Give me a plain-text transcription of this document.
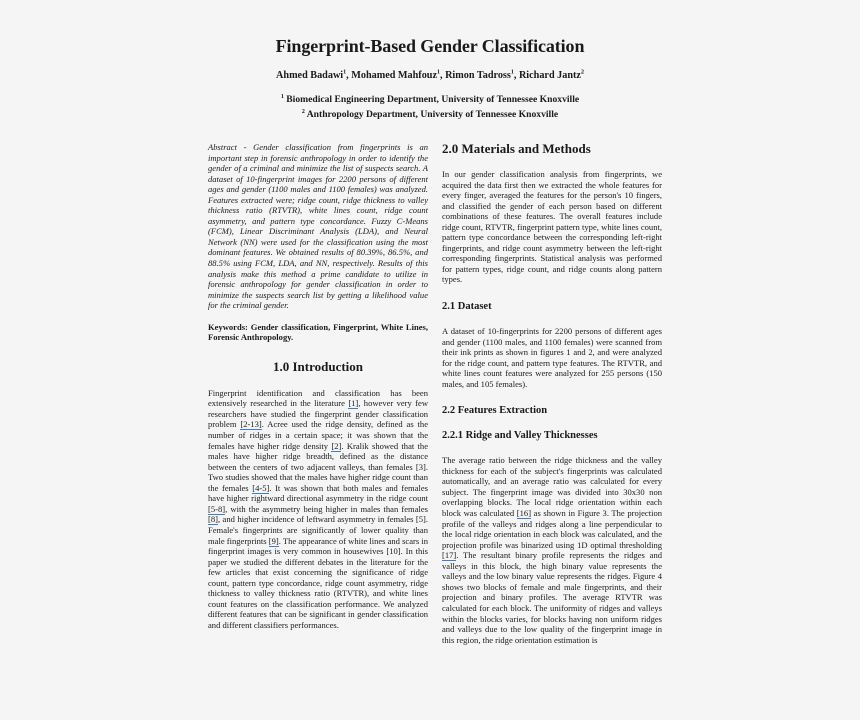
Fingerprint-Based Gender Classification
Ahmed Badawi$^1$, Mohamed Mahfouz$^1$, Rimon Tadross$^1$, Richard Jantz$^2$
$^1$ Biomedical Engineering Department, University of Tennessee Knoxville
$^2$ Anthropology Department, University of Tennessee Knoxville

Abstract - Gender classification from fingerprints is an important step in forensic anthropology in order to identify the gender of a criminal and minimize the list of suspects search. A dataset of 10-fingerprint images for 2200 persons of different ages and gender (1100 males and 1100 females) was analyzed. Features extracted were; ridge count, ridge thickness to valley thickness ratio (RTVTR), white lines count, ridge count asymmetry, and pattern type concordance. Fuzzy C-Means (FCM), Linear Discriminant Analysis (LDA), and Neural Network (NN) were used for the classification using the most dominant features. We obtained results of 80.39%, 86.5%, and 88.5% using FCM, LDA, and NN, respectively. Results of this analysis make this method a prime candidate to utilize in forensic anthropology for gender classification in order to minimize the suspects search list by getting a likelihood value for the criminal gender.

Keywords: Gender classification, Fingerprint, White Lines, Forensic Anthropology.

1.0 Introduction

Fingerprint identification and classification has been extensively researched in the literature [1], however very few researchers have studied the fingerprint gender classification problem [2-13]. Acree used the ridge density, defined as the number of ridges in a certain space; it was shown that the females have higher ridge density [2]. Kralik showed that the males have higher ridge breadth, defined as the distance between the centers of two adjacent valleys, than females [3]. Two studies showed that the males have higher ridge count than the females [4-5]. It was shown that both males and females have higher rightward directional asymmetry in the ridge count [5-8], with the asymmetry being higher in males than females [8], and higher incidence of leftward asymmetry in females [5]. Female's fingerprints are significantly of lower quality than male fingerprints [9]. The appearance of white lines and scars in fingerprint images is very common in housewives [10]. In this paper we studied the different debates in the literature for the few articles that exist concerning the significance of ridge count, pattern type concordance, ridge count asymmetry, ridge thickness to valley thickness ratio (RTVTR), and white lines count features on the classification performance. We analyzed different features that can be significant in gender classification and different classifiers performances.

2.0 Materials and Methods

In our gender classification analysis from fingerprints, we acquired the data first then we extracted the whole features for every finger, averaged the features for the person's 10 fingers, and classified the gender of each person based on different combinations of these features. The overall features include ridge count, RTVTR, fingerprint pattern type, white lines count, pattern type concordance between the corresponding left-right fingerprints, and ridge count asymmetry between the left-right corresponding fingerprints. Statistical analysis was performed for pattern types, ridge count, and ridge counts along pattern types.

2.1 Dataset

A dataset of 10-fingerprints for 2200 persons of different ages and gender (1100 males, and 1100 females) were scanned from their ink prints as shown in figures 1 and 2, and were analyzed for the ridge count, and pattern type features. The RTVTR, and white lines count features were analyzed for 255 persons (150 males, and 105 females).

2.2 Features Extraction
2.2.1 Ridge and Valley Thicknesses

The average ratio between the ridge thickness and the valley thickness for each of the subject's fingerprints was calculated automatically, and an average ratio was calculated for every subject. The fingerprint image was divided into 30x30 non overlapping blocks. The local ridge orientation within each block was calculated [16] as shown in Figure 3. The projection profile of the valleys and ridges along a line perpendicular to the local ridge orientation in each block was calculated, and the projection profile was binarized using 1D optimal thresholding [17]. The resultant binary profile represents the ridges and valleys in this block, the high binary value represents the valleys and the low binary value represents the ridges. Figure 4 shows two blocks of female and male fingerprints, and their projection and binary profiles. The average RTVTR was calculated for each block. The uniformity of ridges and valleys within the blocks varies, for blocks having non uniform ridges and valleys due to the low quality of the fingerprint image in this region, the ridge orientation estimation is
